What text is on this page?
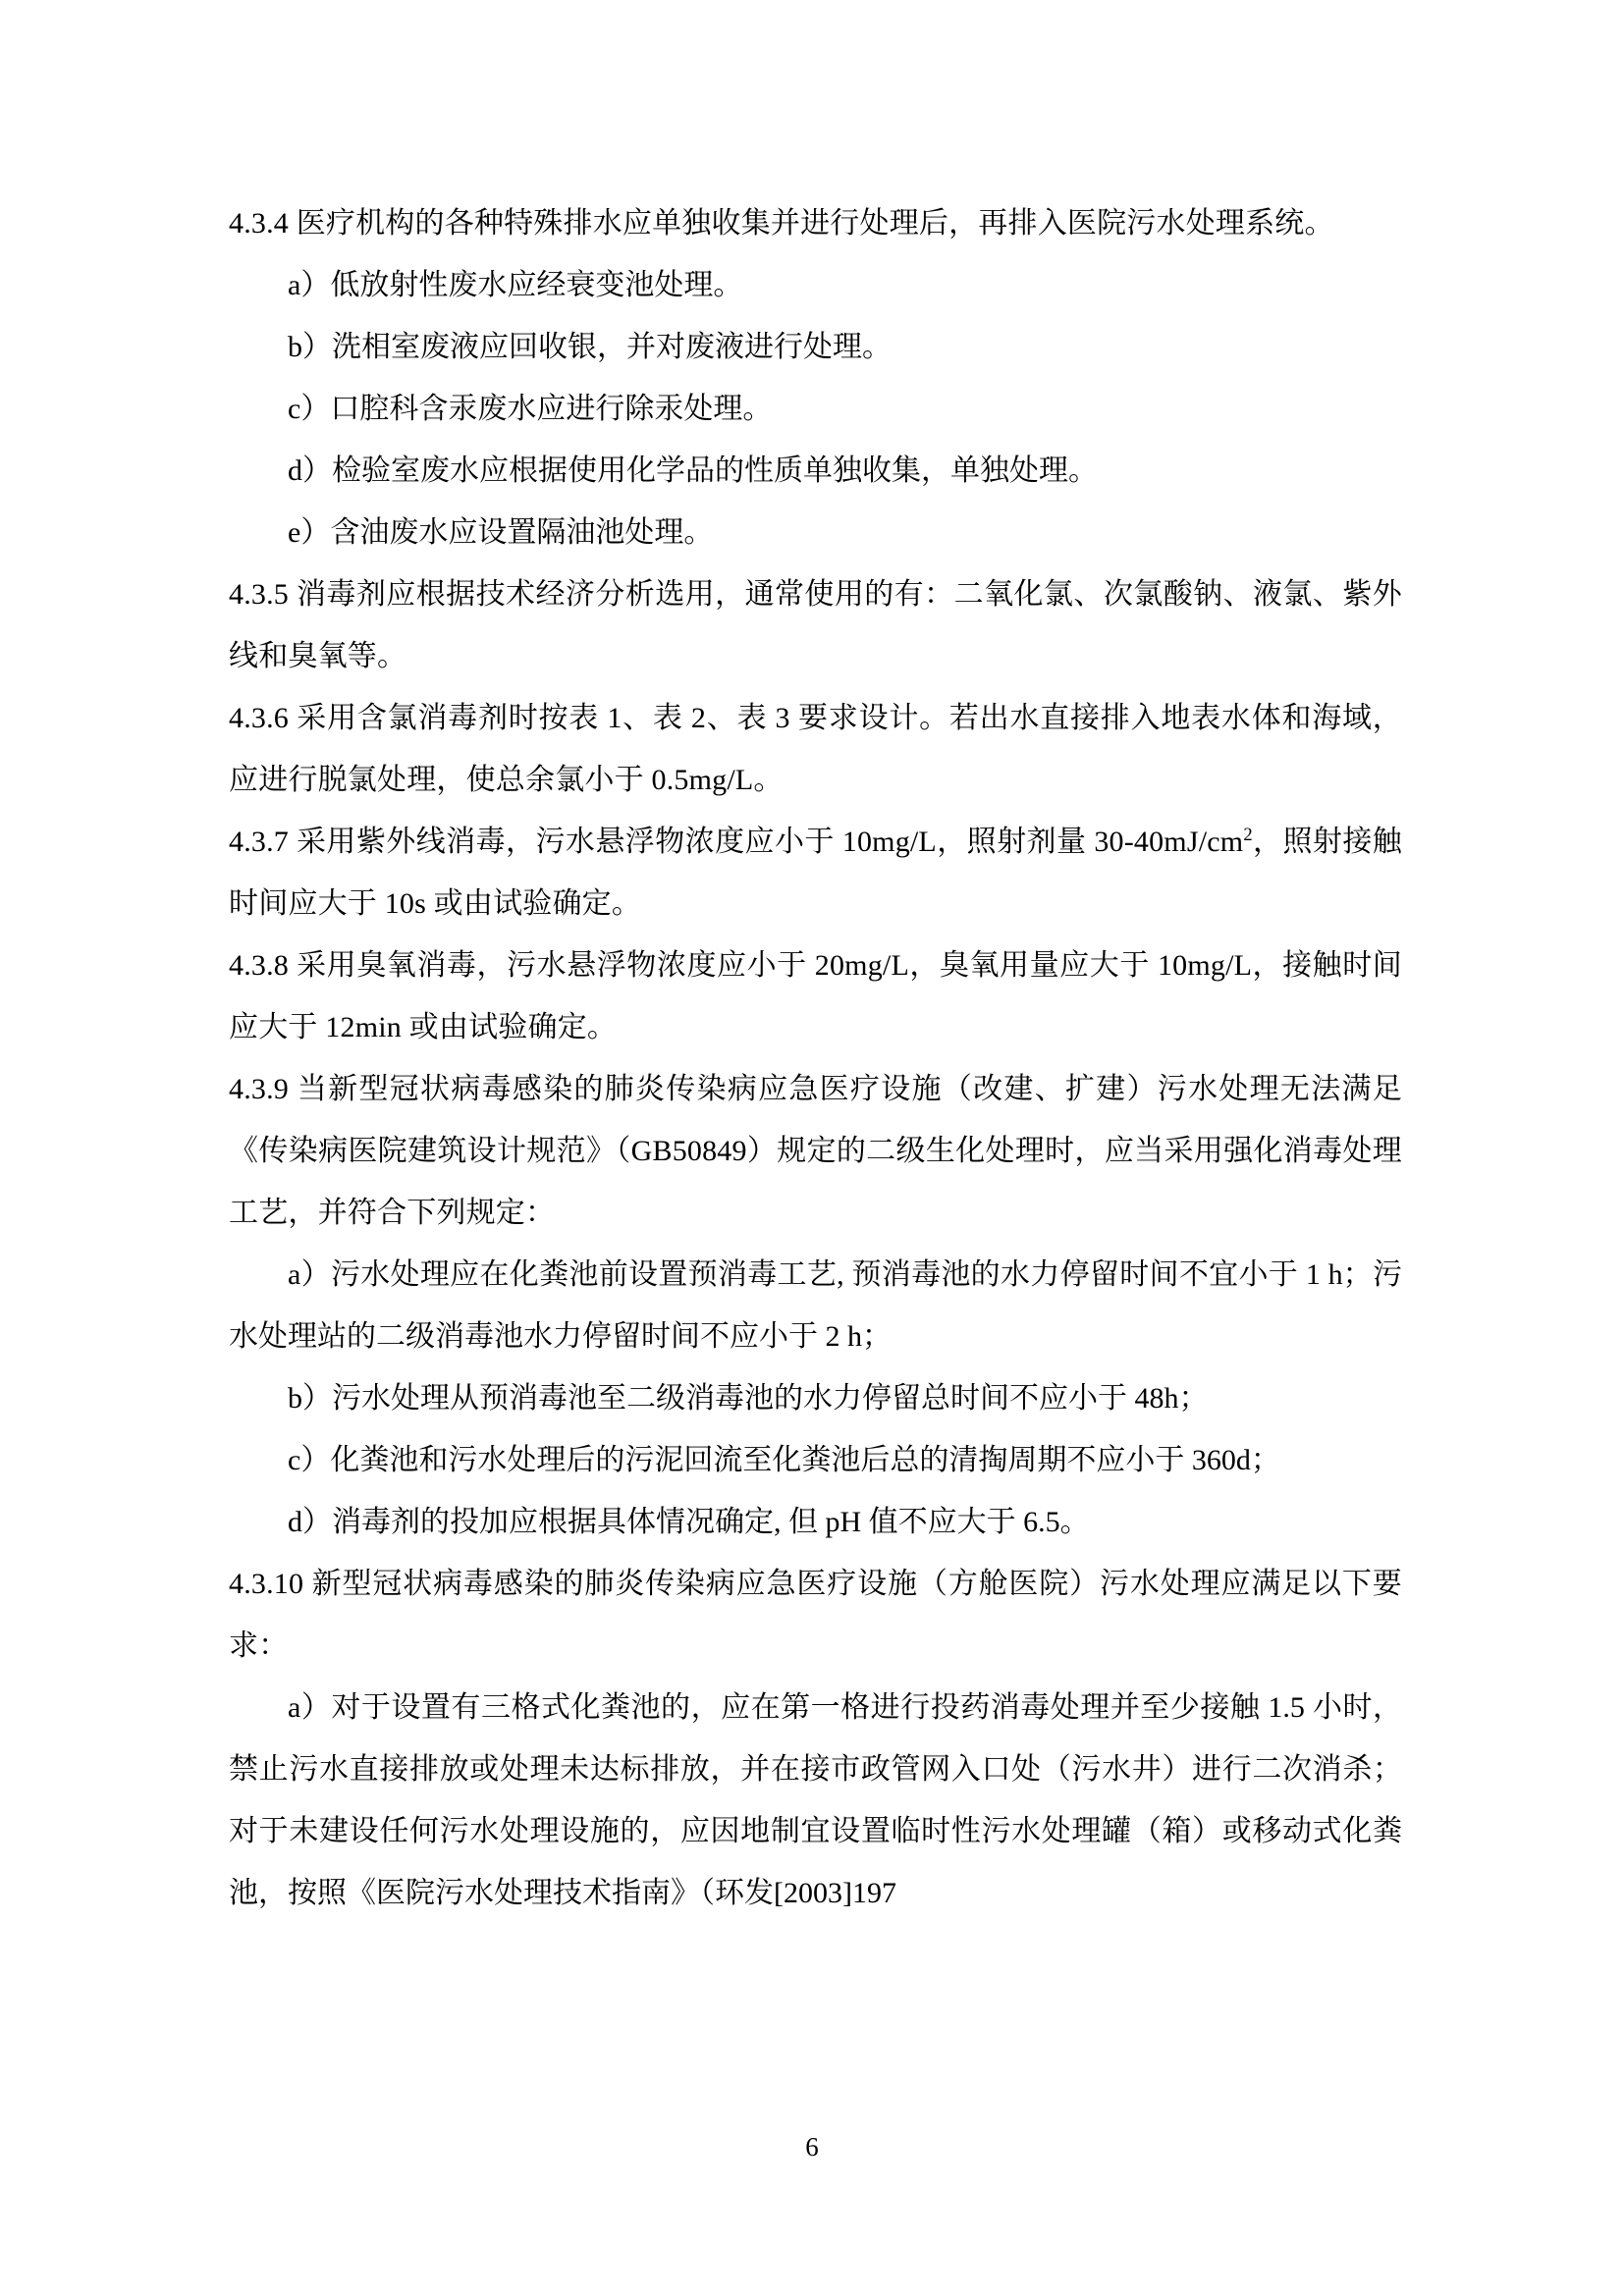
4.3.4 医疗机构的各种特殊排水应单独收集并进行处理后，再排入医院污水处理系统。

a）低放射性废水应经衰变池处理。

b）洗相室废液应回收银，并对废液进行处理。

c）口腔科含汞废水应进行除汞处理。

d）检验室废水应根据使用化学品的性质单独收集，单独处理。

e）含油废水应设置隔油池处理。

4.3.5 消毒剂应根据技术经济分析选用，通常使用的有：二氧化氯、次氯酸钠、液氯、紫外线和臭氧等。

4.3.6 采用含氯消毒剂时按表 1、表 2、表 3 要求设计。若出水直接排入地表水体和海域，应进行脱氯处理，使总余氯小于 0.5mg/L。

4.3.7 采用紫外线消毒，污水悬浮物浓度应小于 10mg/L，照射剂量 $30-40mJ/cm^2$，照射接触时间应大于 10s 或由试验确定。

4.3.8 采用臭氧消毒，污水悬浮物浓度应小于 20mg/L，臭氧用量应大于 10mg/L，接触时间应大于 12min 或由试验确定。

4.3.9 当新型冠状病毒感染的肺炎传染病应急医疗设施（改建、扩建）污水处理无法满足《传染病医院建筑设计规范》（GB50849）规定的二级生化处理时，应当采用强化消毒处理工艺，并符合下列规定：

a）污水处理应在化粪池前设置预消毒工艺, 预消毒池的水力停留时间不宜小于 1 h；污水处理站的二级消毒池水力停留时间不应小于 2 h；

b）污水处理从预消毒池至二级消毒池的水力停留总时间不应小于 48h；

c）化粪池和污水处理后的污泥回流至化粪池后总的清掏周期不应小于 360d；

d）消毒剂的投加应根据具体情况确定, 但 pH 值不应大于 6.5。

4.3.10 新型冠状病毒感染的肺炎传染病应急医疗设施（方舱医院）污水处理应满足以下要求：

a）对于设置有三格式化粪池的，应在第一格进行投药消毒处理并至少接触 1.5 小时，禁止污水直接排放或处理未达标排放，并在接市政管网入口处（污水井）进行二次消杀；对于未建设任何污水处理设施的，应因地制宜设置临时性污水处理罐（箱）或移动式化粪池，按照《医院污水处理技术指南》（环发[2003]197

6
